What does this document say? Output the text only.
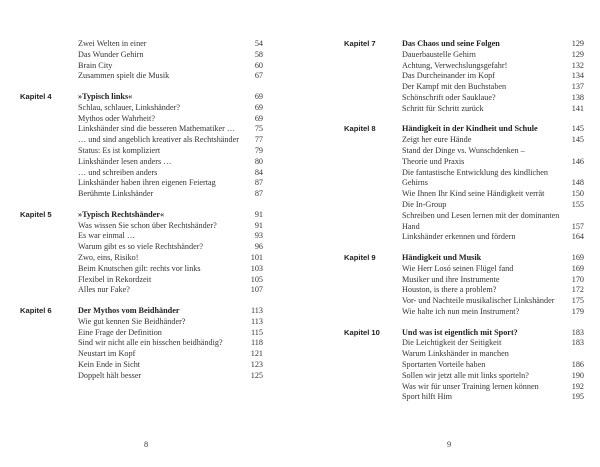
Zwei Welten in einer	54
Das Wunder Gehirn	58
Brain City	60
Zusammen spielt die Musik	67
Kapitel 4	»Typisch links«	69
Schlau, schlauer, Linkshänder?	69
Mythos oder Wahrheit?	69
Linkshänder sind die besseren Mathematiker … 75
… und sind angeblich kreativer als Rechtshänder 77
Status: Es ist kompliziert	79
Linkshänder lesen anders …	80
… und schreiben anders	84
Linkshänder haben ihren eigenen Feiertag	87
Berühmte Linkshänder	87
Kapitel 5	»Typisch Rechtshänder«	91
Was wissen Sie schon über Rechtshänder?	91
Es war einmal …	93
Warum gibt es so viele Rechtshänder?	96
Zwo, eins, Risiko!	101
Beim Knutschen gilt: rechts vor links	103
Flexibel in Rekordzeit	105
Alles nur Fake?	107
Kapitel 6	Der Mythos vom Beidhänder	113
Wie gut kennen Sie Beidhänder?	113
Eine Frage der Definition	115
Sind wir nicht alle ein bisschen beidhändig?	118
Neustart im Kopf	121
Kein Ende in Sicht	123
Doppelt hält besser	125
8
Kapitel 7	Das Chaos und seine Folgen	129
Dauerbaustelle Gehirn	129
Achtung, Verwechslungsgefahr!	132
Das Durcheinander im Kopf	134
Der Kampf mit den Buchstaben	137
Schönschrift oder Sauklaue?	138
Schritt für Schritt zurück	141
Kapitel 8	Händigkeit in der Kindheit und Schule	145
Zeigt her eure Hände	145
Stand der Dinge vs. Wunschdenken –
Theorie und Praxis	146
Die fantastische Entwicklung des kindlichen
Gehirns	148
Wie Ihnen Ihr Kind seine Händigkeit verrät	150
Die In-Group	155
Schreiben und Lesen lernen mit der dominanten
Hand	157
Linkshänder erkennen und fördern	164
Kapitel 9	Händigkeit und Musik	169
Wie Herr Losó seinen Flügel fand	169
Musiker und ihre Instrumente	170
Houston, is there a problem?	172
Vor- und Nachteile musikalischer Linkshänder 175
Wie halte ich nun mein Instrument?	179
Kapitel 10	Und was ist eigentlich mit Sport?	183
Die Leichtigkeit der Seitigkeit	183
Warum Linkshänder in manchen
Sportarten Vorteile haben	186
Sollen wir jetzt alle mit links sporteln?	190
Was wir für unser Training lernen können	192
Sport hilft Him	195
9
